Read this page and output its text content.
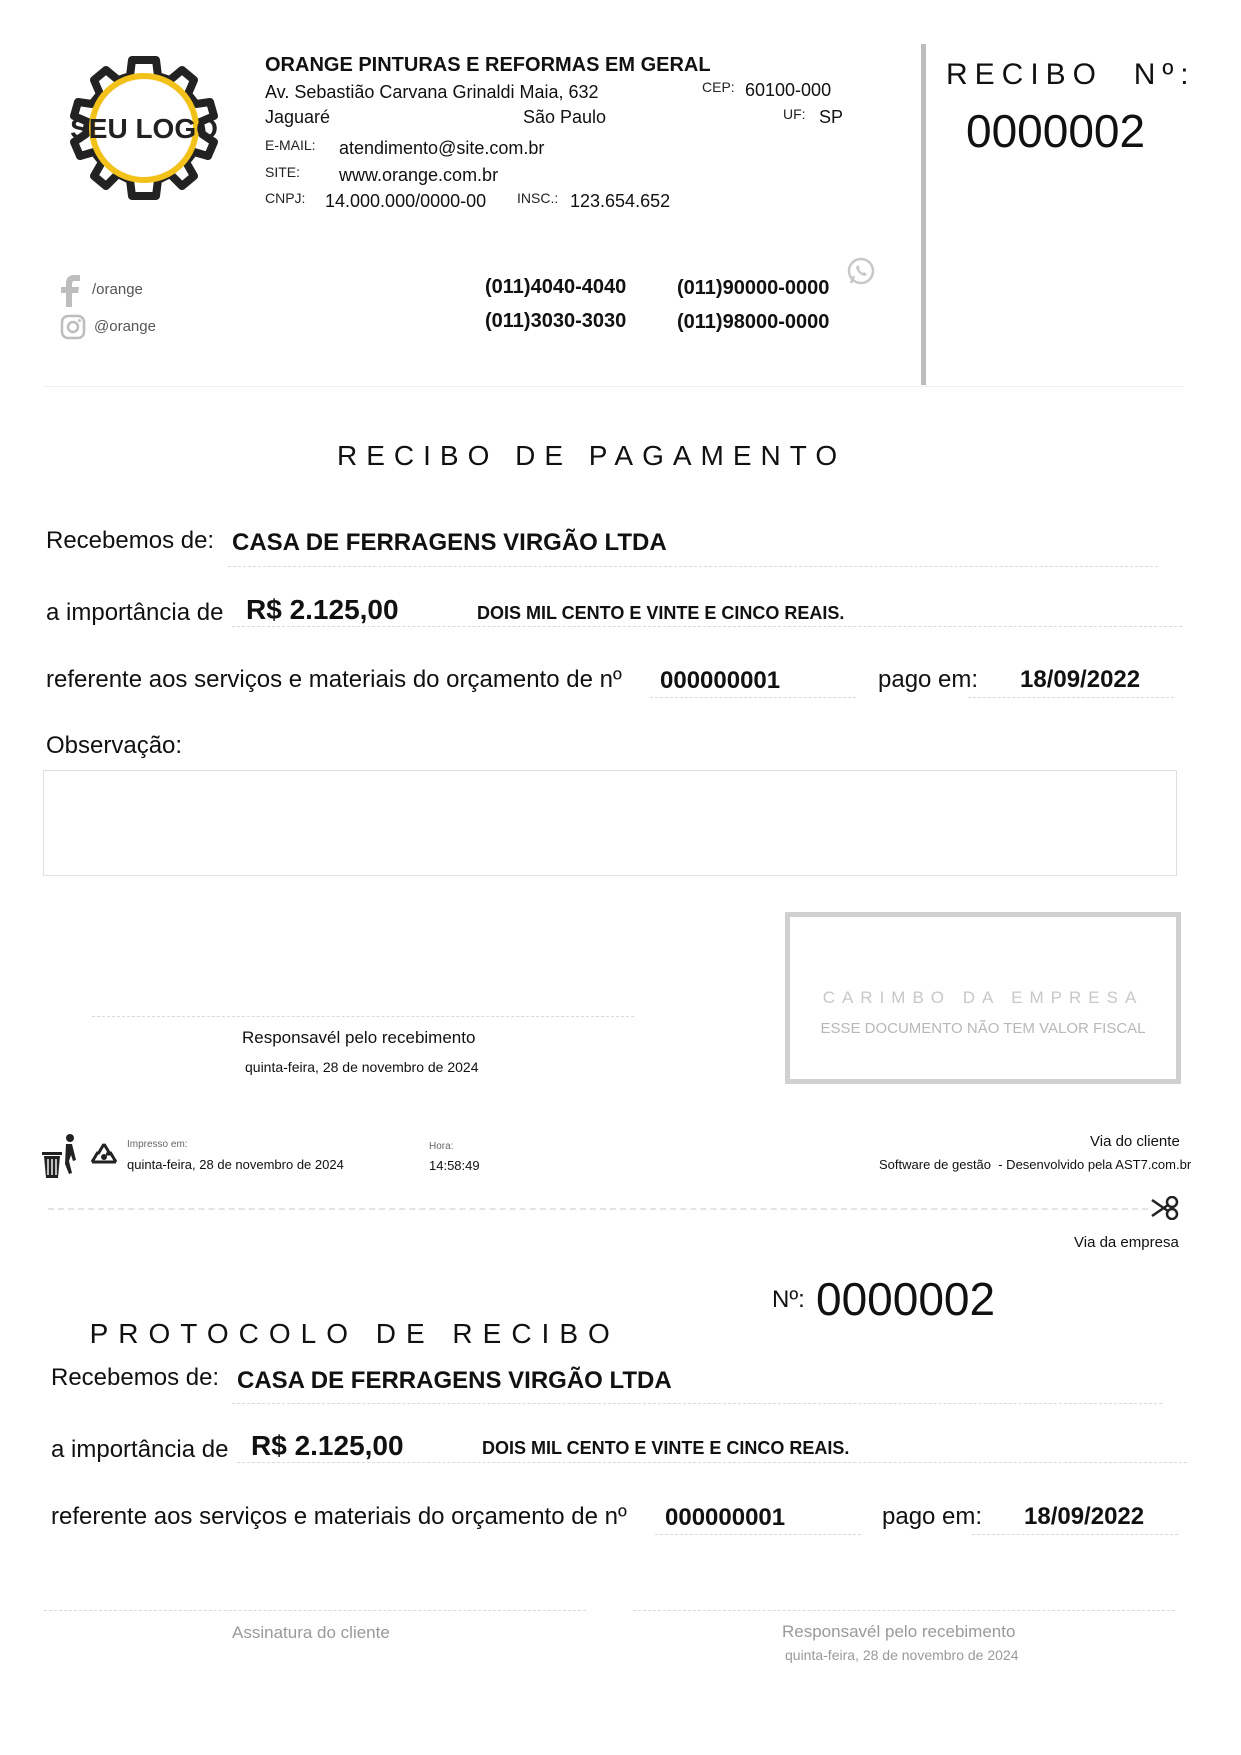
SEU LOGO
ORANGE PINTURAS E REFORMAS EM GERAL
Av. Sebastião Carvana Grinaldi Maia, 632
Jaguaré	São Paulo
CEP: 60100-000
UF: SP
E-MAIL: atendimento@site.com.br
SITE: www.orange.com.br
CNPJ: 14.000.000/0000-00 INSC.: 123.654.652
/orange
@orange
(011)4040-4040	(011)90000-0000
(011)3030-3030	(011)98000-0000
RECIBO  Nº:
0000002
RECIBO DE PAGAMENTO
Recebemos de: CASA DE FERRAGENS VIRGÃO LTDA
a importância de R$ 2.125,00	DOIS MIL CENTO E VINTE E CINCO REAIS.
referente aos serviços e materiais do orçamento de nº 000000001	pago em: 18/09/2022
Observação:
Responsavél pelo recebimento
quinta-feira, 28 de novembro de 2024
CARIMBO DA EMPRESA
ESSE DOCUMENTO NÃO TEM VALOR FISCAL
Impresso em:
quinta-feira, 28 de novembro de 2024
Hora:
14:58:49
Via do cliente
Software de gestão  - Desenvolvido pela AST7.com.br
Via da empresa

PROTOCOLO DE RECIBO

Nº: 0000002
Recebemos de: CASA DE FERRAGENS VIRGÃO LTDA
a importância de R$ 2.125,00	DOIS MIL CENTO E VINTE E CINCO REAIS.
referente aos serviços e materiais do orçamento de nº 000000001	pago em: 18/09/2022
Assinatura do cliente	Responsavél pelo recebimento
quinta-feira, 28 de novembro de 2024
